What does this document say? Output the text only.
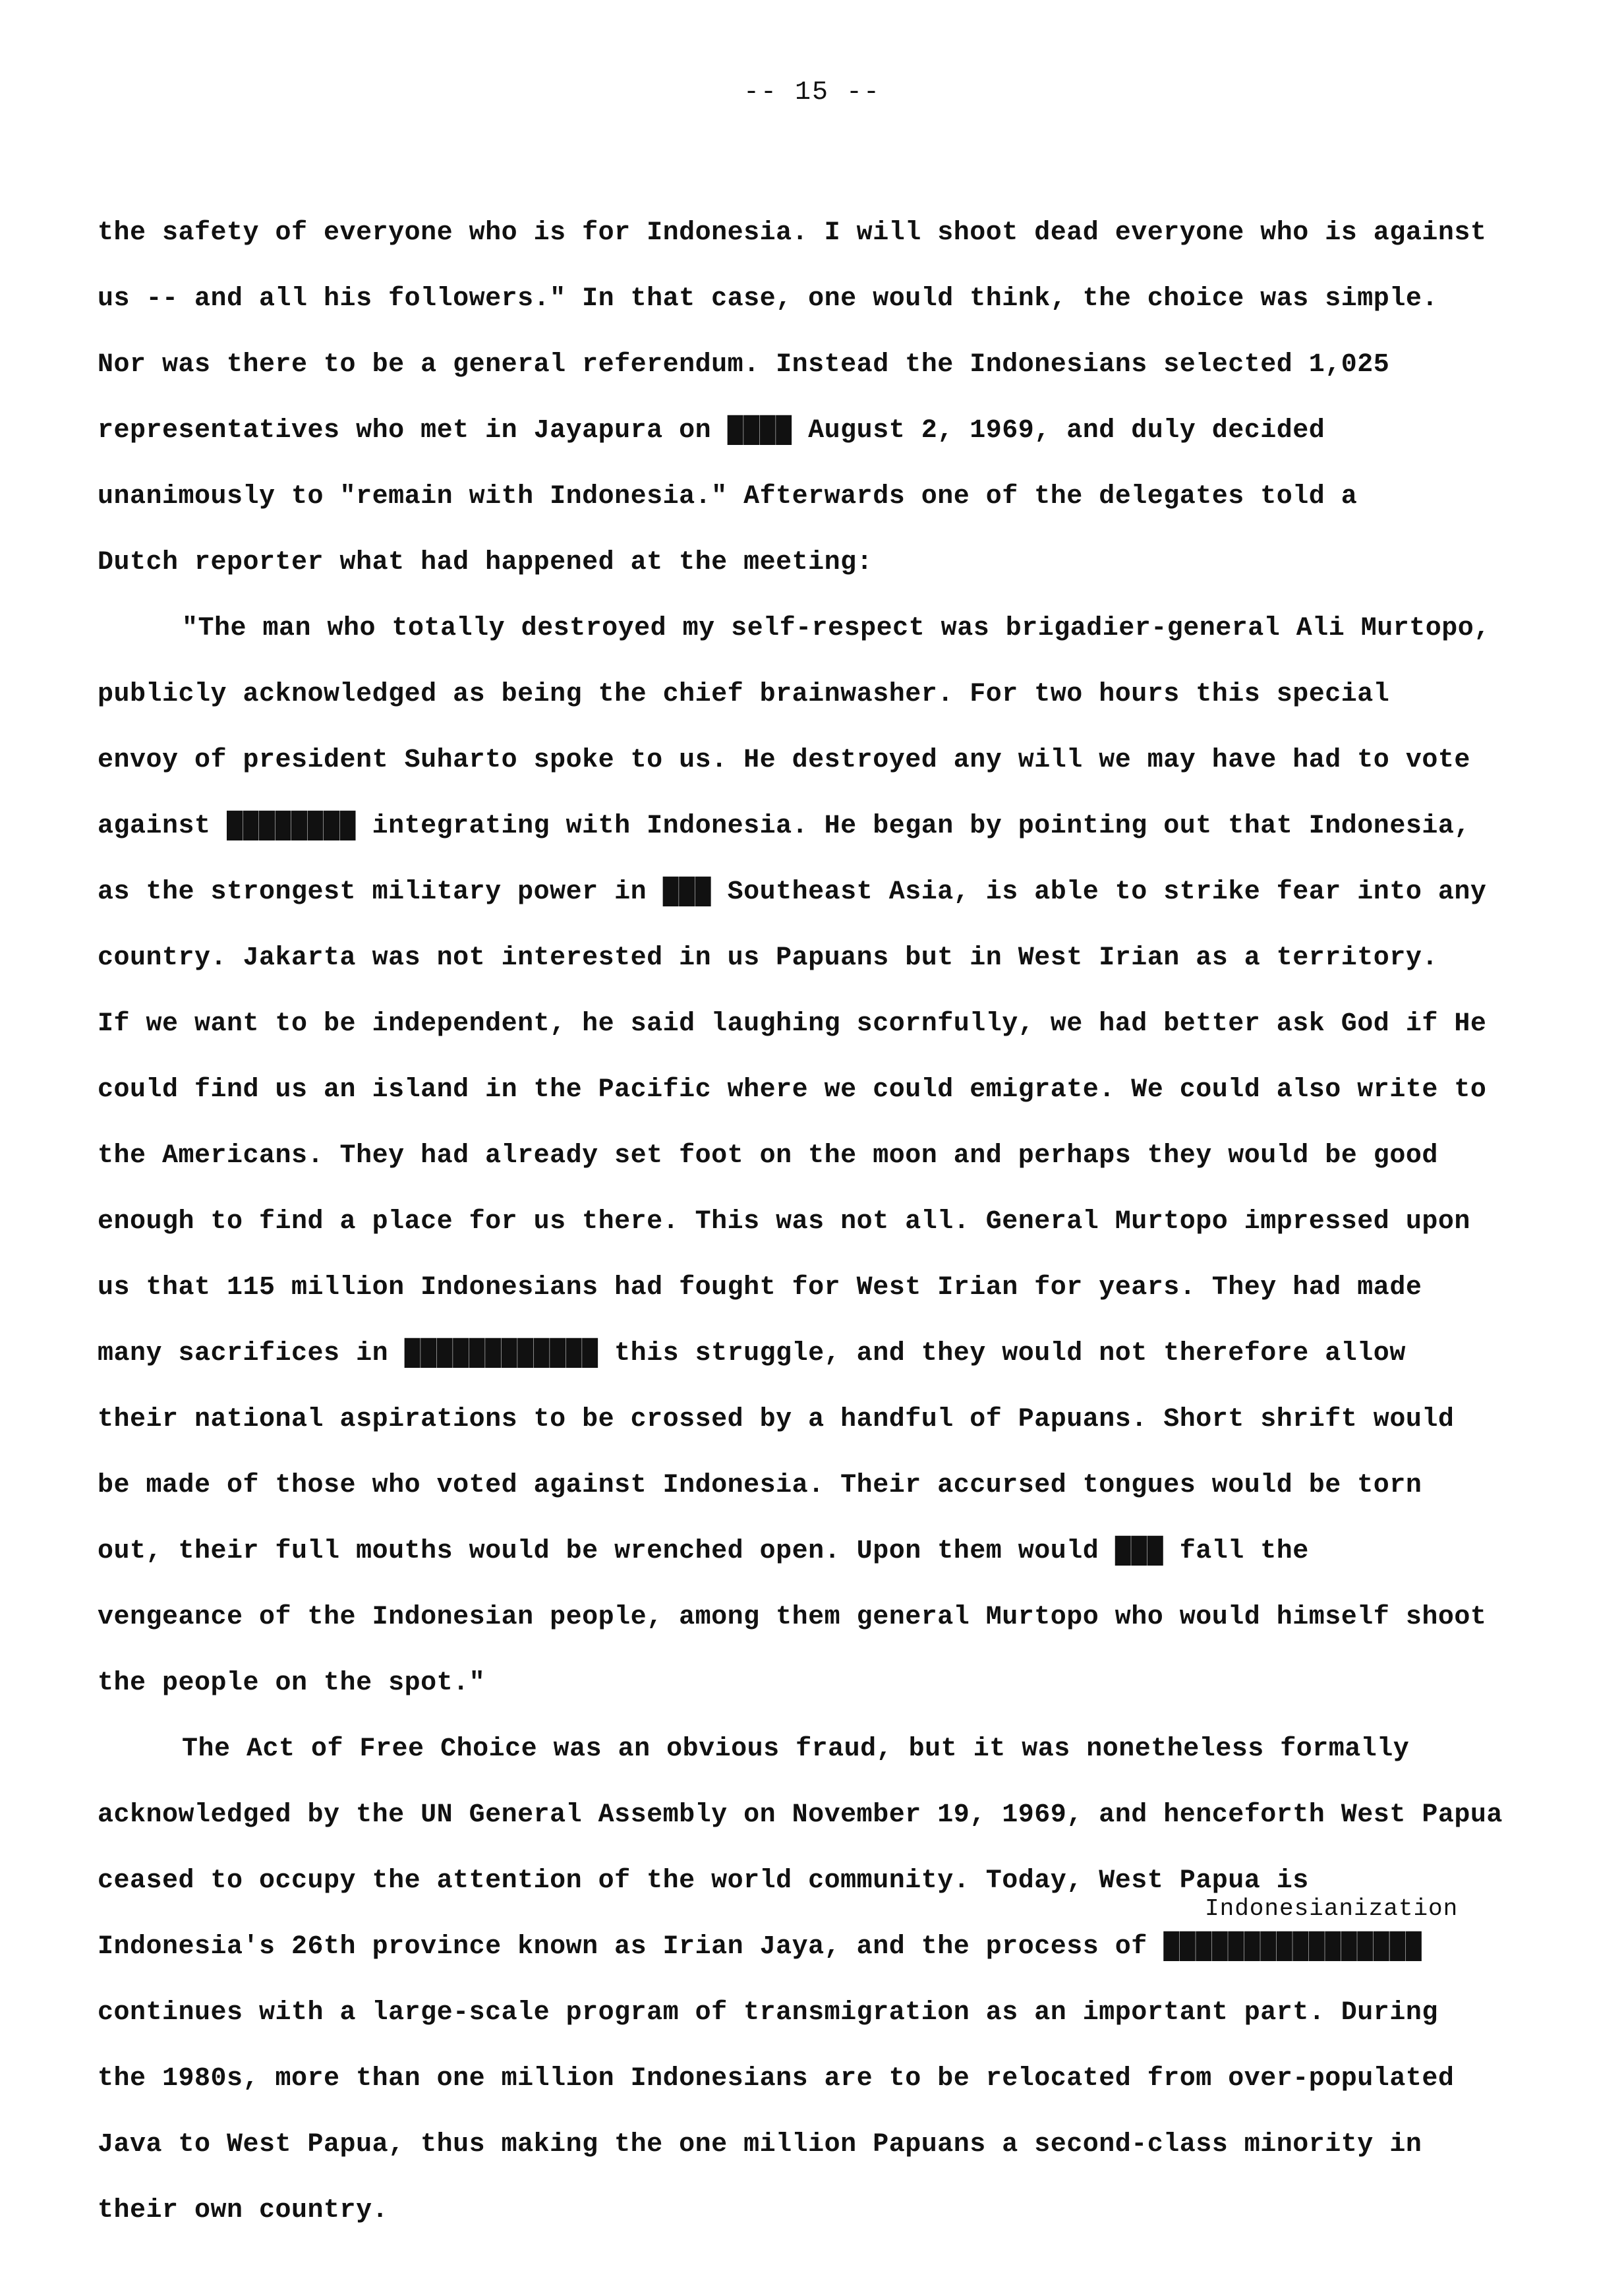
-- 15 --
the safety of everyone who is for Indonesia. I will shoot dead everyone who is against
us -- and all his followers." In that case, one would think, the choice was simple.
Nor was there to be a general referendum. Instead the Indonesians selected 1,025
representatives who met in Jayapura on ████ August 2, 1969, and duly decided
unanimously to "remain with Indonesia." Afterwards one of the delegates told a
Dutch reporter what had happened at the meeting:
"The man who totally destroyed my self-respect was brigadier-general Ali Murtopo,
publicly acknowledged as being the chief brainwasher. For two hours this special
envoy of president Suharto spoke to us. He destroyed any will we may have had to vote
against ████████ integrating with Indonesia. He began by pointing out that Indonesia,
as the strongest military power in ███ Southeast Asia, is able to strike fear into any
country. Jakarta was not interested in us Papuans but in West Irian as a territory.
If we want to be independent, he said laughing scornfully, we had better ask God if He
could find us an island in the Pacific where we could emigrate. We could also write to
the Americans. They had already set foot on the moon and perhaps they would be good
enough to find a place for us there. This was not all. General Murtopo impressed upon
us that 115 million Indonesians had fought for West Irian for years. They had made
many sacrifices in ████████████ this struggle, and they would not therefore allow
their national aspirations to be crossed by a handful of Papuans. Short shrift would
be made of those who voted against Indonesia. Their accursed tongues would be torn
out, their full mouths would be wrenched open. Upon them would ███ fall the
vengeance of the Indonesian people, among them general Murtopo who would himself shoot
the people on the spot."
The Act of Free Choice was an obvious fraud, but it was nonetheless formally
acknowledged by the UN General Assembly on November 19, 1969, and henceforth West Papua
ceased to occupy the attention of the world community. Today, West Papua is
Indonesianization
Indonesia's 26th province known as Irian Jaya, and the process of ████████████████
continues with a large-scale program of transmigration as an important part. During
the 1980s, more than one million Indonesians are to be relocated from over-populated
Java to West Papua, thus making the one million Papuans a second-class minority in
their own country.
